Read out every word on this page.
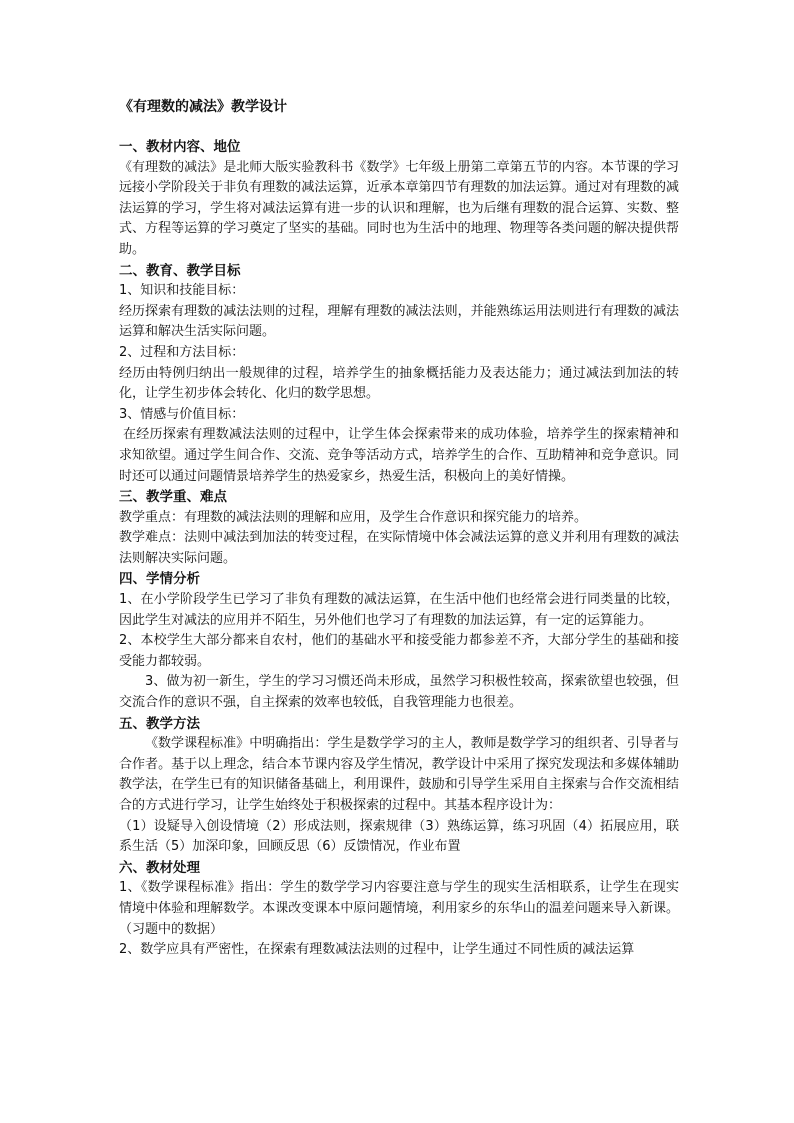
《有理数的减法》教学设计
一、教材内容、地位
《有理数的减法》是北师大版实验教科书《数学》七年级上册第二章第五节的内容。本节课的学习远接小学阶段关于非负有理数的减法运算，近承本章第四节有理数的加法运算。通过对有理数的减法运算的学习，学生将对减法运算有进一步的认识和理解，也为后继有理数的混合运算、实数、整式、方程等运算的学习奠定了坚实的基础。同时也为生活中的地理、物理等各类问题的解决提供帮助。
二、教育、教学目标
1、知识和技能目标：
经历探索有理数的减法法则的过程，理解有理数的减法法则，并能熟练运用法则进行有理数的减法运算和解决生活实际问题。
2、过程和方法目标：
经历由特例归纳出一般规律的过程，培养学生的抽象概括能力及表达能力；通过减法到加法的转化，让学生初步体会转化、化归的数学思想。
3、情感与价值目标：
在经历探索有理数减法法则的过程中，让学生体会探索带来的成功体验，培养学生的探索精神和求知欲望。通过学生间合作、交流、竞争等活动方式，培养学生的合作、互助精神和竞争意识。同时还可以通过问题情景培养学生的热爱家乡，热爱生活，积极向上的美好情操。
三、教学重、难点
教学重点：有理数的减法法则的理解和应用，及学生合作意识和探究能力的培养。
教学难点：法则中减法到加法的转变过程，在实际情境中体会减法运算的意义并利用有理数的减法法则解决实际问题。
四、学情分析
1、在小学阶段学生已学习了非负有理数的减法运算，在生活中他们也经常会进行同类量的比较，因此学生对减法的应用并不陌生，另外他们也学习了有理数的加法运算，有一定的运算能力。
2、本校学生大部分都来自农村，他们的基础水平和接受能力都参差不齐，大部分学生的基础和接受能力都较弱。
3、做为初一新生，学生的学习习惯还尚未形成，虽然学习积极性较高，探索欲望也较强，但交流合作的意识不强，自主探索的效率也较低，自我管理能力也很差。
五、教学方法
《数学课程标准》中明确指出：学生是数学学习的主人，教师是数学学习的组织者、引导者与合作者。基于以上理念，结合本节课内容及学生情况，教学设计中采用了探究发现法和多媒体辅助教学法，在学生已有的知识储备基础上，利用课件，鼓励和引导学生采用自主探索与合作交流相结合的方式进行学习，让学生始终处于积极探索的过程中。其基本程序设计为：
（1）设疑导入创设情境（2）形成法则，探索规律（3）熟练运算，练习巩固（4）拓展应用，联系生活（5）加深印象，回顾反思（6）反馈情况，作业布置
六、教材处理
1、《数学课程标准》指出：学生的数学学习内容要注意与学生的现实生活相联系，让学生在现实情境中体验和理解数学。本课改变课本中原问题情境，利用家乡的东华山的温差问题来导入新课。（习题中的数据）
2、数学应具有严密性，在探索有理数减法法则的过程中，让学生通过不同性质的减法运算
